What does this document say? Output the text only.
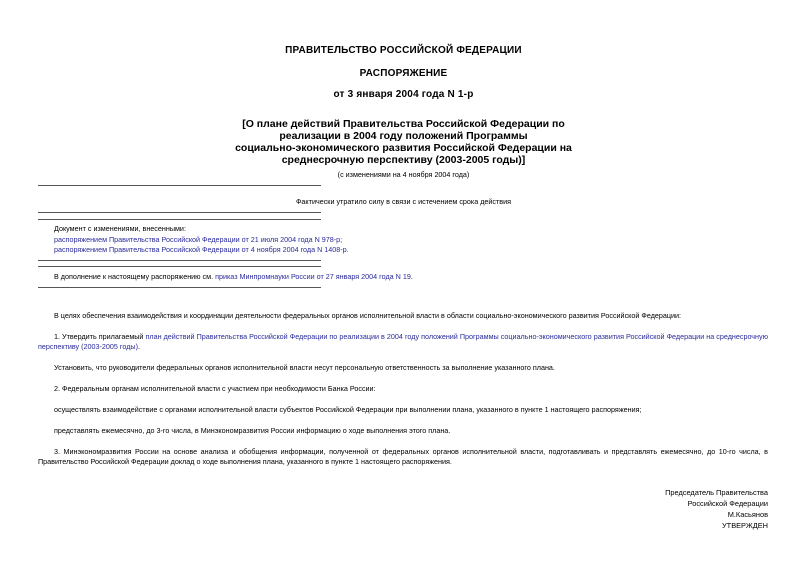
ПРАВИТЕЛЬСТВО РОССИЙСКОЙ ФЕДЕРАЦИИ
РАСПОРЯЖЕНИЕ
от 3 января 2004 года N 1-р
[О плане действий Правительства Российской Федерации по
реализации в 2004 году положений Программы
социально-экономического развития Российской Федерации на
среднесрочную перспективу (2003-2005 годы)]
(с изменениями на 4 ноября 2004 года)
Фактически утратило силу в связи с истечением срока действия
Документ с изменениями, внесенными:
распоряжением Правительства Российской Федерации от 21 июля 2004 года N 978-р;
распоряжением Правительства Российской Федерации от 4 ноября 2004 года N 1408-р.
В дополнение к настоящему распоряжению см. приказ Минпромнауки России от 27 января 2004 года N 19.
В целях обеспечения взаимодействия и координации деятельности федеральных органов исполнительной власти в области социально-экономического развития Российской Федерации:
1. Утвердить прилагаемый план действий Правительства Российской Федерации по реализации в 2004 году положений Программы социально-экономического развития Российской Федерации на среднесрочную перспективу (2003-2005 годы).
Установить, что руководители федеральных органов исполнительной власти несут персональную ответственность за выполнение указанного плана.
2. Федеральным органам исполнительной власти с участием при необходимости Банка России:
осуществлять взаимодействие с органами исполнительной власти субъектов Российской Федерации при выполнении плана, указанного в пункте 1 настоящего распоряжения;
представлять ежемесячно, до 3-го числа, в Минэкономразвития России информацию о ходе выполнения этого плана.
3. Минэкономразвития России на основе анализа и обобщения информации, полученной от федеральных органов исполнительной власти, подготавливать и представлять ежемесячно, до 10-го числа, в Правительство Российской Федерации доклад о ходе выполнения плана, указанного в пункте 1 настоящего распоряжения.
Председатель Правительства
Российской Федерации
М.Касьянов
УТВЕРЖДЕН
